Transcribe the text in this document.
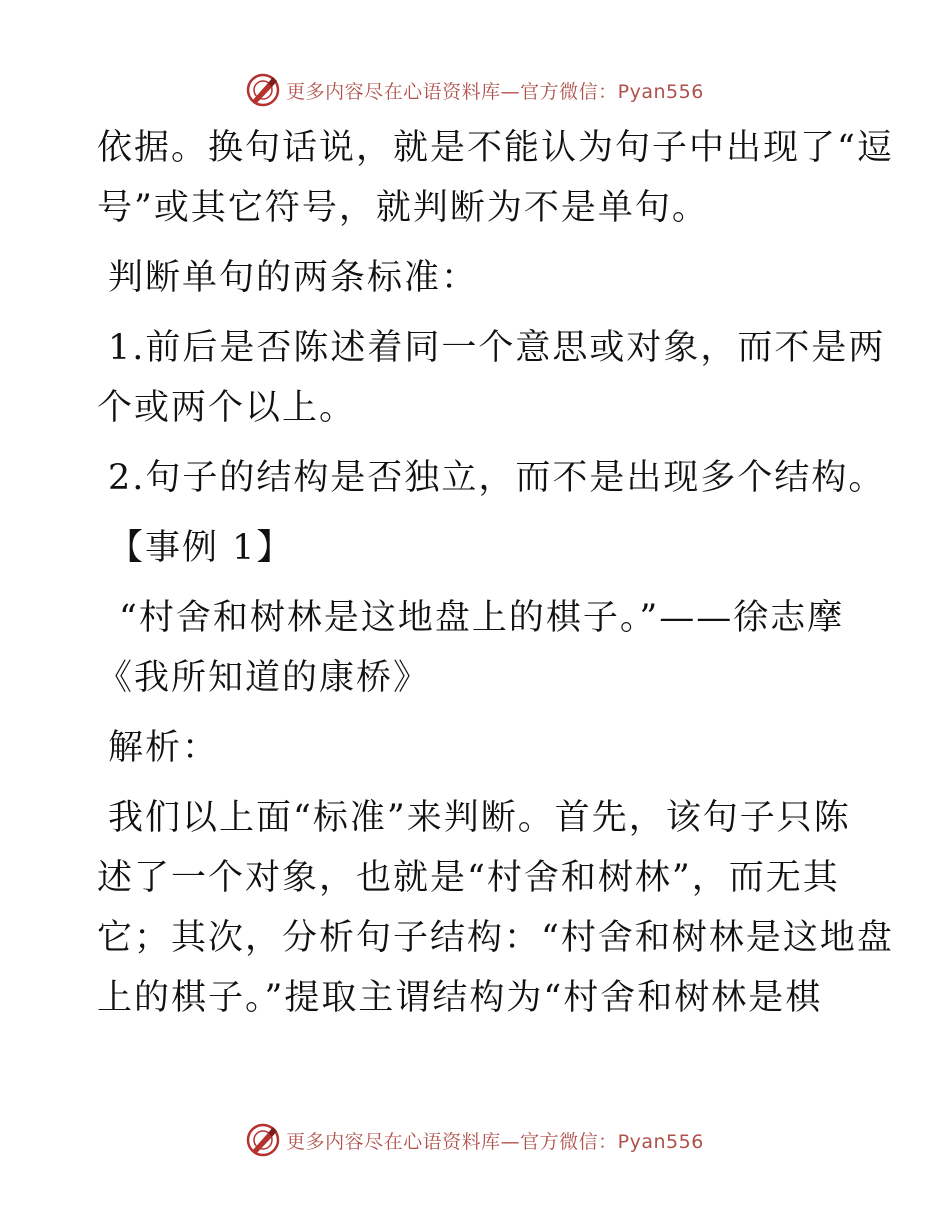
更多内容尽在心语资料库—官方微信：Pyan556
依据。换句话说，就是不能认为句子中出现了“逗
号”或其它符号，就判断为不是单句。
判断单句的两条标准：
1.前后是否陈述着同一个意思或对象，而不是两
个或两个以上。
2.句子的结构是否独立，而不是出现多个结构。
【事例 1】
“村舍和树林是这地盘上的棋子。”——徐志摩
《我所知道的康桥》
解析：
我们以上面“标准”来判断。首先，该句子只陈
述了一个对象，也就是“村舍和树林”，而无其
它；其次，分析句子结构：“村舍和树林是这地盘
上的棋子。”提取主谓结构为“村舍和树林是棋
更多内容尽在心语资料库—官方微信：Pyan556
